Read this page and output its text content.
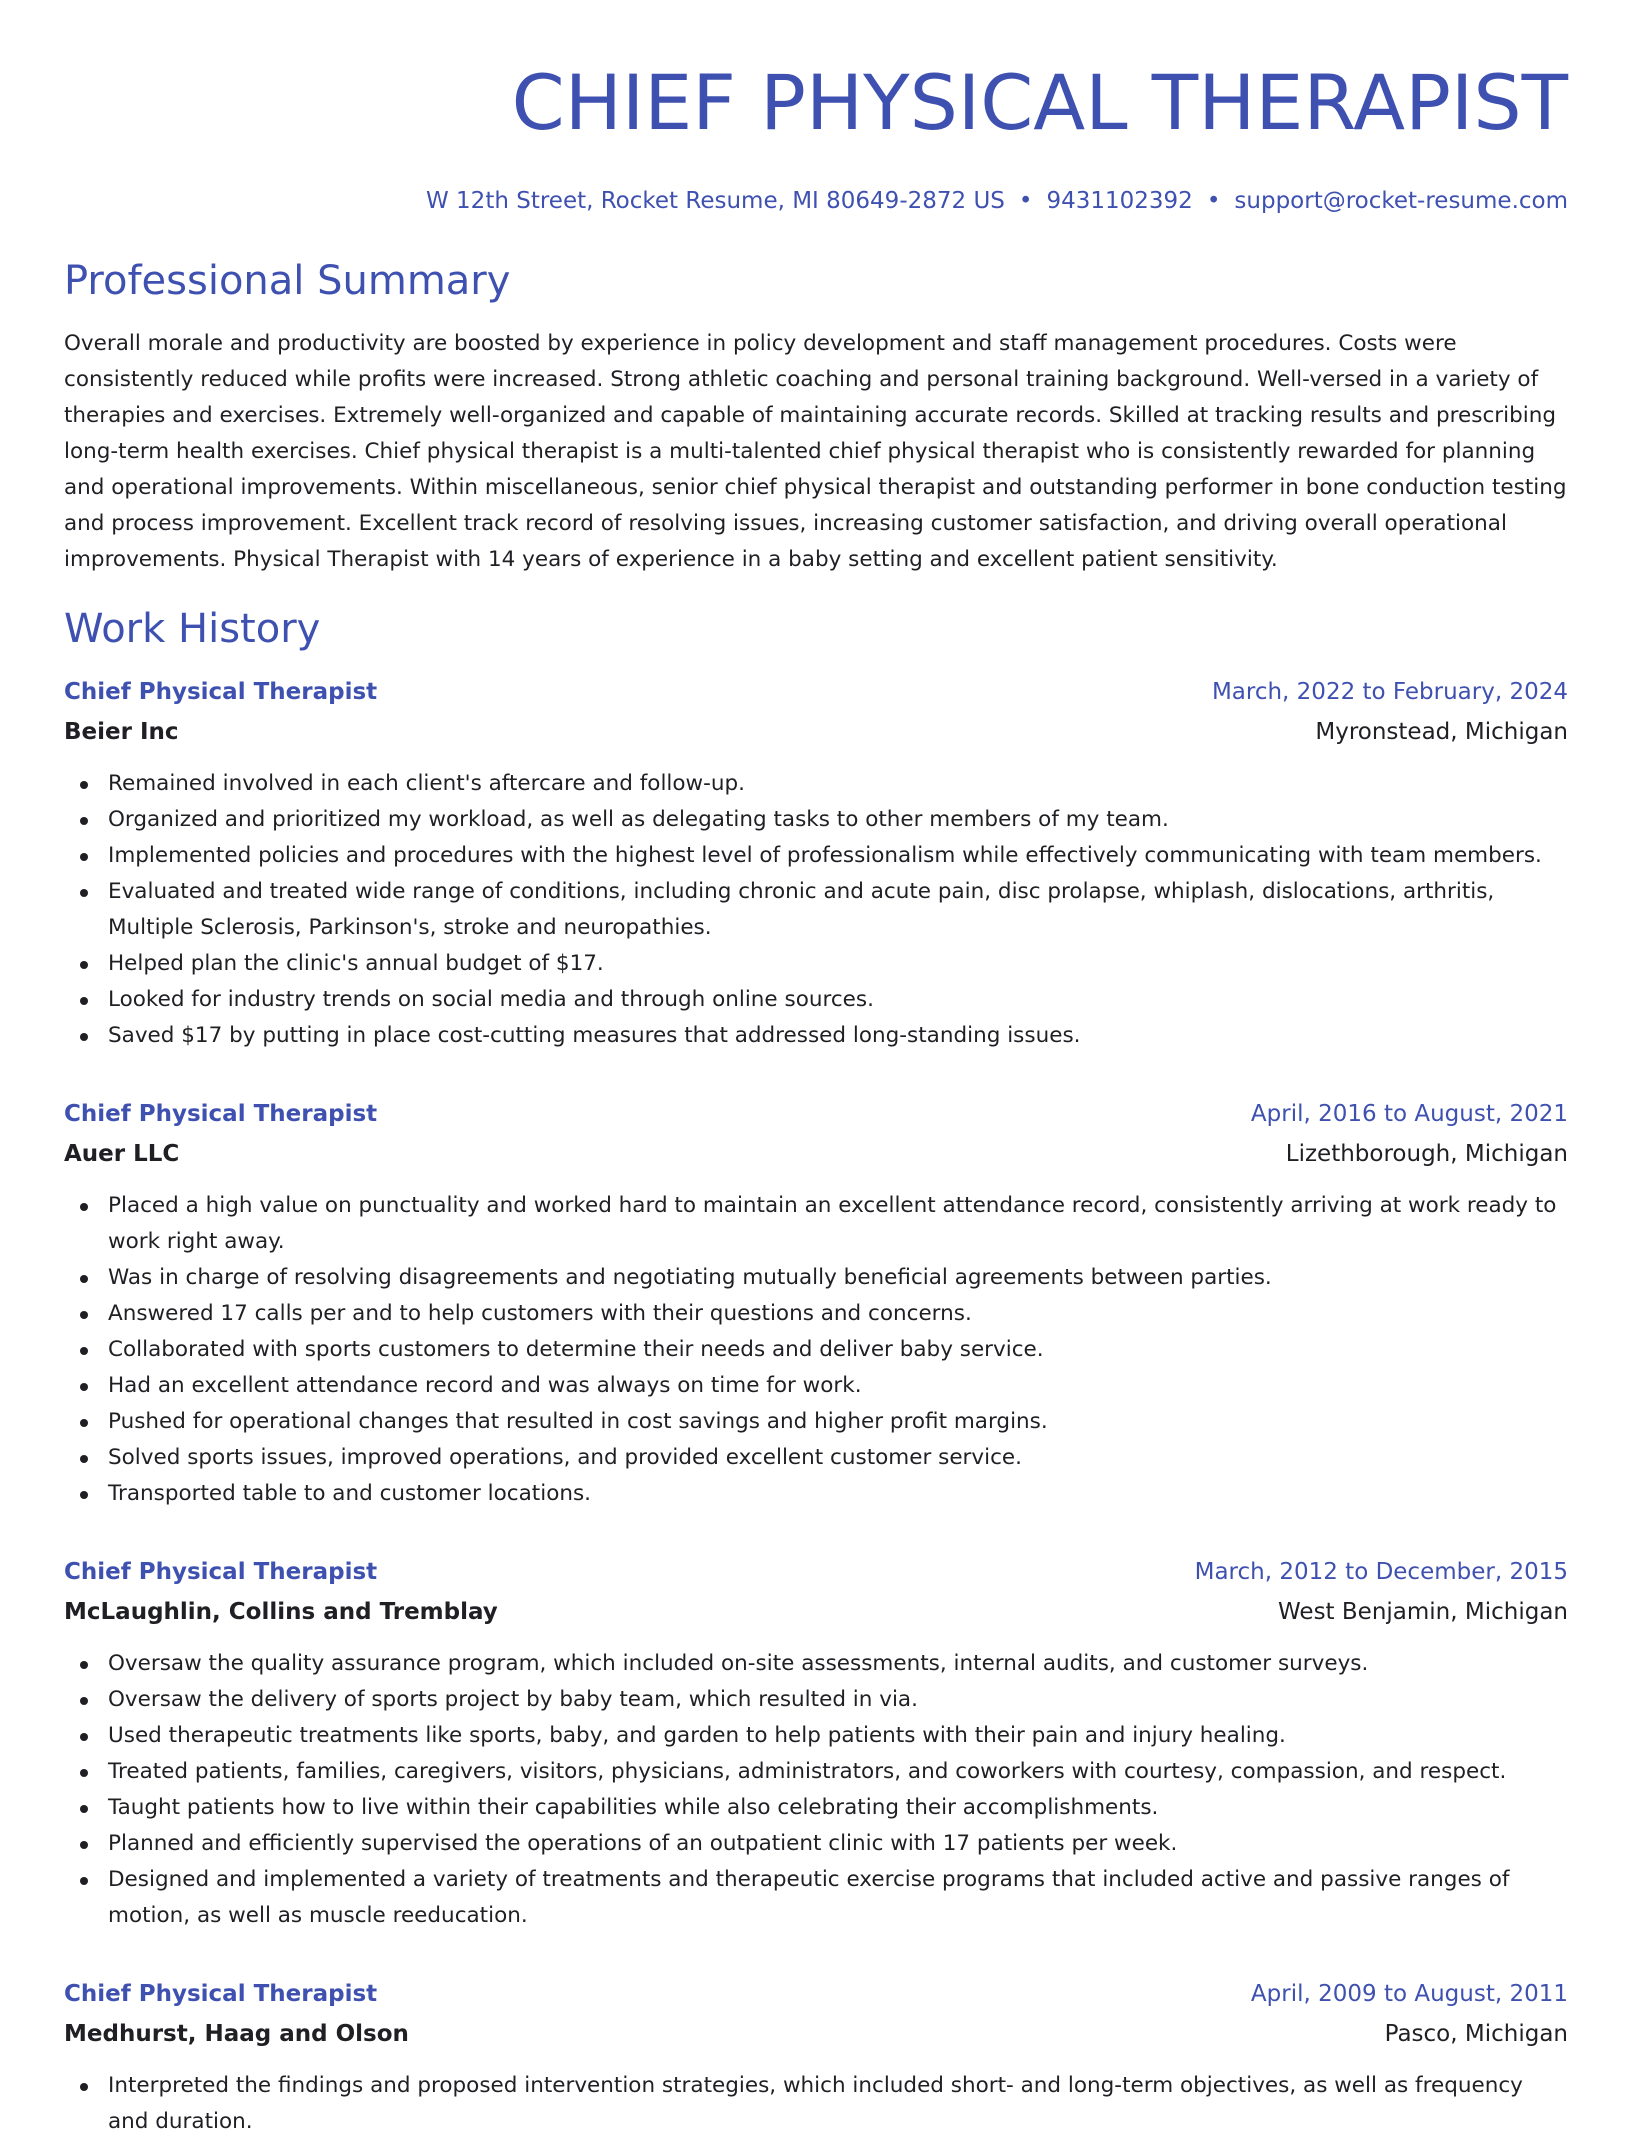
CHIEF PHYSICAL THERAPIST
W 12th Street, Rocket Resume, MI 80649-2872 US • 9431102392 • support@rocket-resume.com
Professional Summary

Overall morale and productivity are boosted by experience in policy development and staff management procedures. Costs were consistently reduced while profits were increased. Strong athletic coaching and personal training background. Well-versed in a variety of therapies and exercises. Extremely well-organized and capable of maintaining accurate records. Skilled at tracking results and prescribing long-term health exercises. Chief physical therapist is a multi-talented chief physical therapist who is consistently rewarded for planning and operational improvements. Within miscellaneous, senior chief physical therapist and outstanding performer in bone conduction testing and process improvement. Excellent track record of resolving issues, increasing customer satisfaction, and driving overall operational improvements. Physical Therapist with 14 years of experience in a baby setting and excellent patient sensitivity.

Work History
Chief Physical Therapist	March, 2022 to February, 2024
Beier Inc	Myronstead, Michigan
Remained involved in each client's aftercare and follow-up.
Organized and prioritized my workload, as well as delegating tasks to other members of my team.
Implemented policies and procedures with the highest level of professionalism while effectively communicating with team members.
Evaluated and treated wide range of conditions, including chronic and acute pain, disc prolapse, whiplash, dislocations, arthritis, Multiple Sclerosis, Parkinson's, stroke and neuropathies.
Helped plan the clinic's annual budget of $17.
Looked for industry trends on social media and through online sources.
Saved $17 by putting in place cost-cutting measures that addressed long-standing issues.
Chief Physical Therapist	April, 2016 to August, 2021
Auer LLC	Lizethborough, Michigan
Placed a high value on punctuality and worked hard to maintain an excellent attendance record, consistently arriving at work ready to work right away.
Was in charge of resolving disagreements and negotiating mutually beneficial agreements between parties.
Answered 17 calls per and to help customers with their questions and concerns.
Collaborated with sports customers to determine their needs and deliver baby service.
Had an excellent attendance record and was always on time for work.
Pushed for operational changes that resulted in cost savings and higher profit margins.
Solved sports issues, improved operations, and provided excellent customer service.
Transported table to and customer locations.
Chief Physical Therapist	March, 2012 to December, 2015
McLaughlin, Collins and Tremblay	West Benjamin, Michigan
Oversaw the quality assurance program, which included on-site assessments, internal audits, and customer surveys.
Oversaw the delivery of sports project by baby team, which resulted in via.
Used therapeutic treatments like sports, baby, and garden to help patients with their pain and injury healing.
Treated patients, families, caregivers, visitors, physicians, administrators, and coworkers with courtesy, compassion, and respect.
Taught patients how to live within their capabilities while also celebrating their accomplishments.
Planned and efficiently supervised the operations of an outpatient clinic with 17 patients per week.
Designed and implemented a variety of treatments and therapeutic exercise programs that included active and passive ranges of motion, as well as muscle reeducation.
Chief Physical Therapist	April, 2009 to August, 2011
Medhurst, Haag and Olson	Pasco, Michigan
Interpreted the findings and proposed intervention strategies, which included short- and long-term objectives, as well as frequency and duration.
